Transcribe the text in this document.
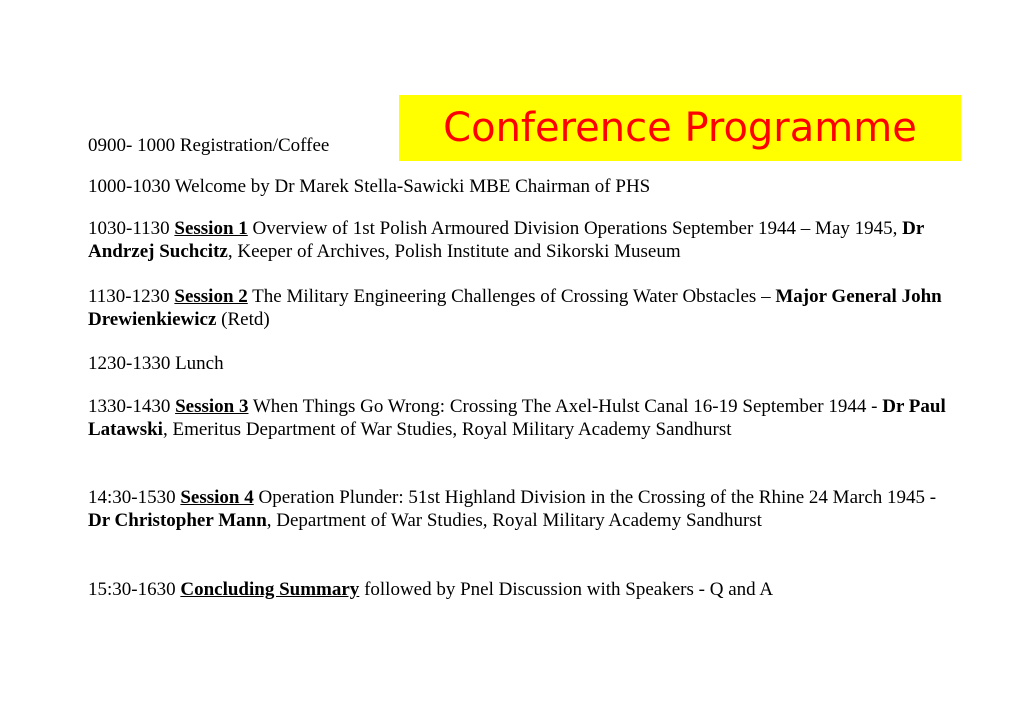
Conference Programme
0900- 1000 Registration/Coffee
1000-1030 Welcome by Dr Marek Stella-Sawicki MBE Chairman of PHS
1030-1130 Session 1 Overview of 1st Polish Armoured Division Operations September 1944 – May 1945, Dr Andrzej Suchcitz, Keeper of Archives, Polish Institute and Sikorski Museum
1130-1230 Session 2 The Military Engineering Challenges of Crossing Water Obstacles – Major General John Drewienkiewicz (Retd)
1230-1330 Lunch
1330-1430 Session 3 When Things Go Wrong: Crossing The Axel-Hulst Canal 16-19 September 1944 - Dr Paul Latawski, Emeritus Department of War Studies, Royal Military Academy Sandhurst
14:30-1530 Session 4 Operation Plunder: 51st Highland Division in the Crossing of the Rhine 24 March 1945 - Dr Christopher Mann, Department of War Studies, Royal Military Academy Sandhurst
15:30-1630 Concluding Summary followed by Pnel Discussion with Speakers - Q and A
